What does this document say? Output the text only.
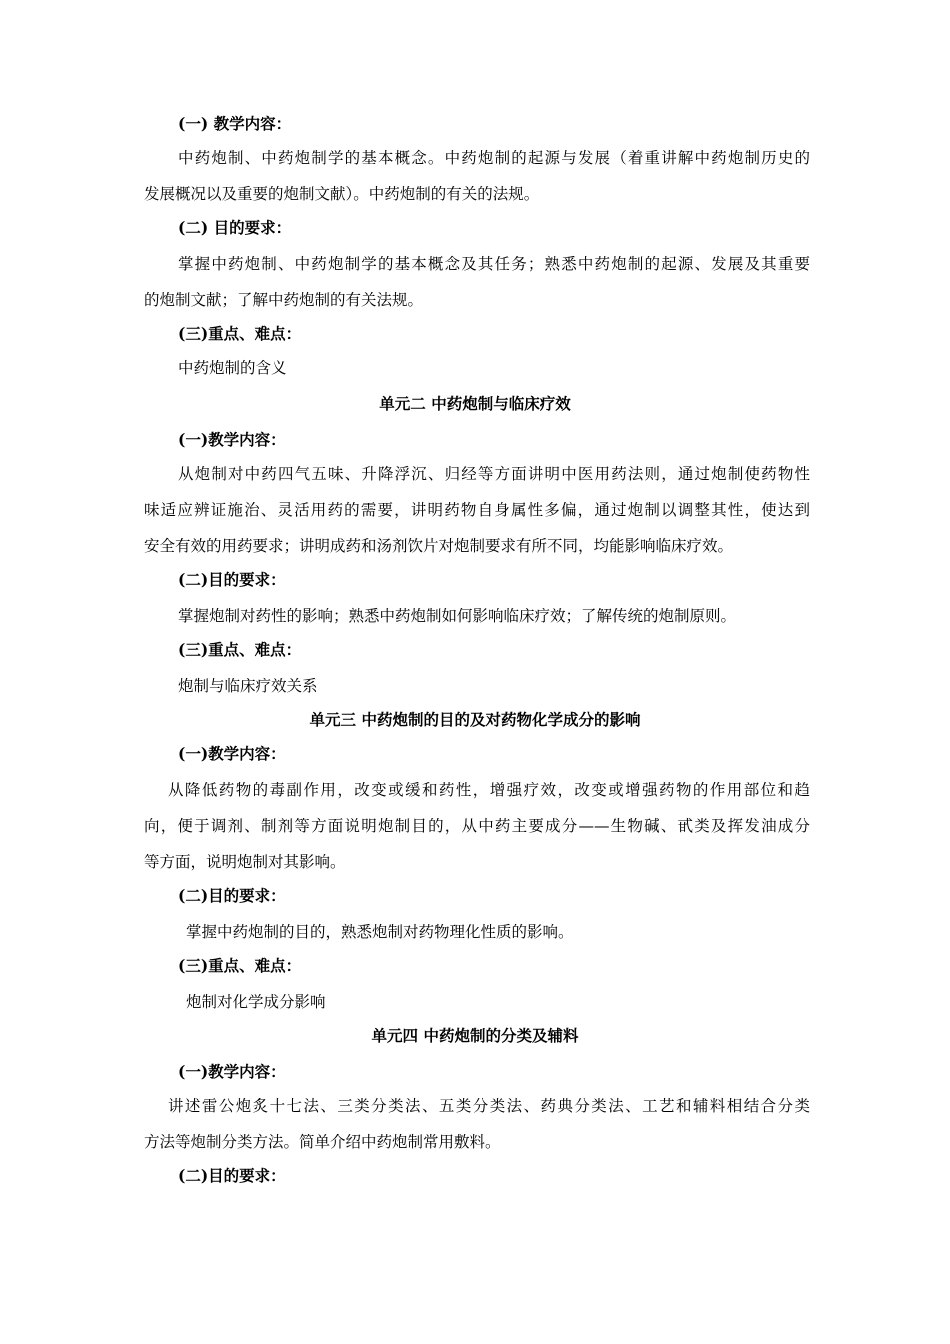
(一) 教学内容：
中药炮制、中药炮制学的基本概念。中药炮制的起源与发展（着重讲解中药炮制历史的
发展概况以及重要的炮制文献）。中药炮制的有关的法规。
(二) 目的要求：
掌握中药炮制、中药炮制学的基本概念及其任务；熟悉中药炮制的起源、发展及其重要
的炮制文献；了解中药炮制的有关法规。
(三)重点、难点：
中药炮制的含义
单元二 中药炮制与临床疗效
(一)教学内容：
从炮制对中药四气五味、升降浮沉、归经等方面讲明中医用药法则，通过炮制使药物性
味适应辨证施治、灵活用药的需要，讲明药物自身属性多偏，通过炮制以调整其性，使达到
安全有效的用药要求；讲明成药和汤剂饮片对炮制要求有所不同，均能影响临床疗效。
(二)目的要求：
掌握炮制对药性的影响；熟悉中药炮制如何影响临床疗效；了解传统的炮制原则。
(三)重点、难点：
炮制与临床疗效关系
单元三 中药炮制的目的及对药物化学成分的影响
(一)教学内容：
从降低药物的毒副作用，改变或缓和药性，增强疗效，改变或增强药物的作用部位和趋
向，便于调剂、制剂等方面说明炮制目的，从中药主要成分——生物碱、甙类及挥发油成分
等方面，说明炮制对其影响。
(二)目的要求：
掌握中药炮制的目的，熟悉炮制对药物理化性质的影响。
(三)重点、难点：
炮制对化学成分影响
单元四 中药炮制的分类及辅料
(一)教学内容：
讲述雷公炮炙十七法、三类分类法、五类分类法、药典分类法、工艺和辅料相结合分类
方法等炮制分类方法。简单介绍中药炮制常用敷料。
(二)目的要求：
